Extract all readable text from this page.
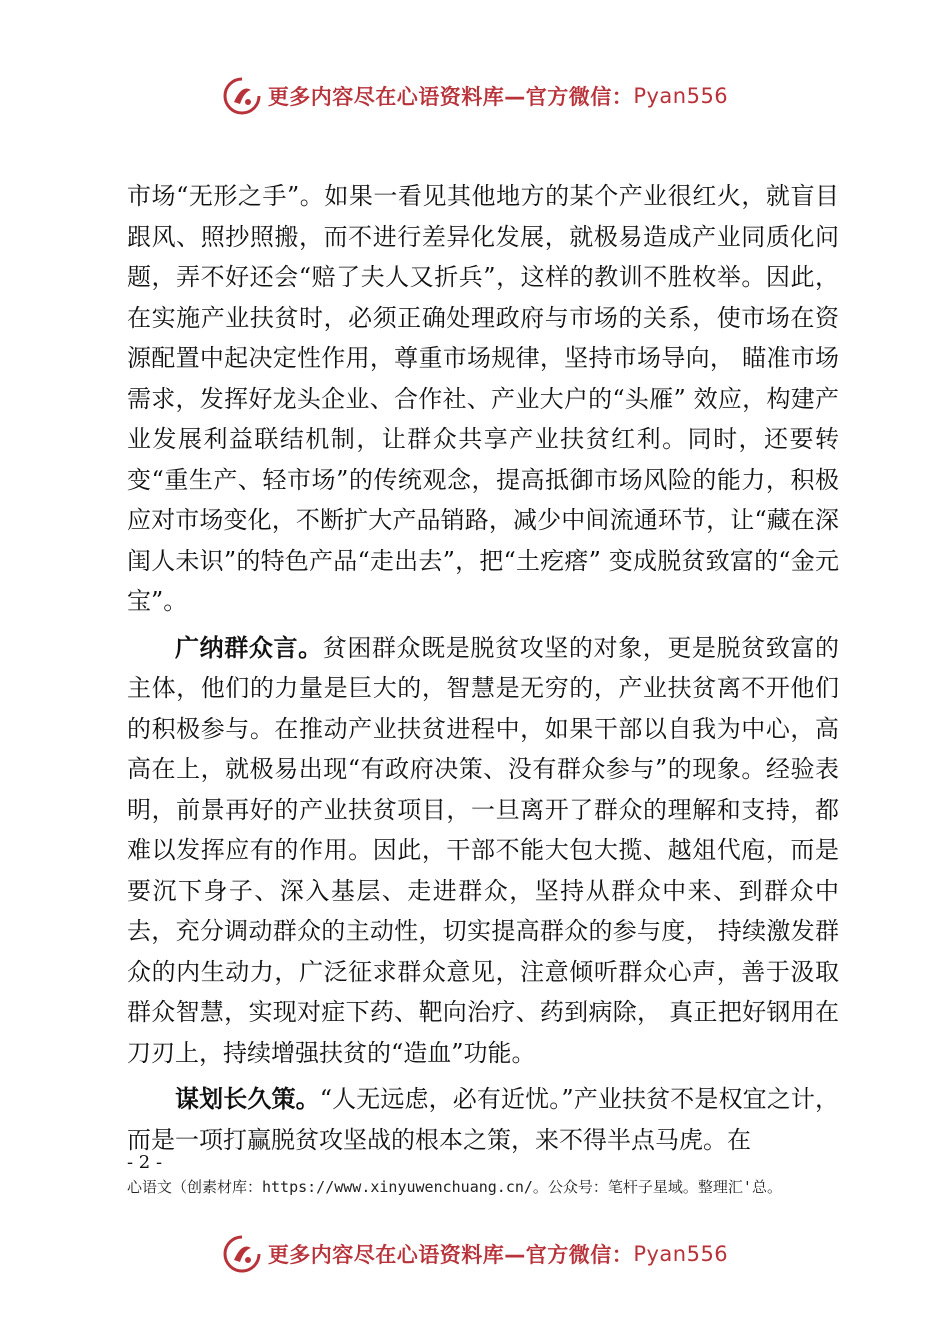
更多内容尽在心语资料库—官方微信： Pyan556

市场“无形之手”。如果一看见其他地方的某个产业很红火，就盲目跟风、照抄照搬，而不进行差异化发展，就极易造成产业同质化问题，弄不好还会“赔了夫人又折兵”，这样的教训不胜枚举。因此，在实施产业扶贫时，必须正确处理政府与市场的关系，使市场在资源配置中起决定性作用，尊重市场规律，坚持市场导向， 瞄准市场需求，发挥好龙头企业、合作社、产业大户的“头雁” 效应，构建产业发展利益联结机制，让群众共享产业扶贫红利。同时，还要转变“重生产、轻市场”的传统观念，提高抵御市场风险的能力，积极应对市场变化，不断扩大产品销路，减少中间流通环节，让“藏在深闺人未识”的特色产品“走出去”，把“土疙瘩” 变成脱贫致富的“金元宝”。

广纳群众言。贫困群众既是脱贫攻坚的对象，更是脱贫致富的主体，他们的力量是巨大的，智慧是无穷的，产业扶贫离不开他们的积极参与。在推动产业扶贫进程中，如果干部以自我为中心，高高在上，就极易出现“有政府决策、没有群众参与”的现象。经验表明，前景再好的产业扶贫项目，一旦离开了群众的理解和支持，都难以发挥应有的作用。因此，干部不能大包大揽、越俎代庖，而是要沉下身子、深入基层、走进群众，坚持从群众中来、到群众中去，充分调动群众的主动性，切实提高群众的参与度， 持续激发群众的内生动力，广泛征求群众意见，注意倾听群众心声，善于汲取群众智慧，实现对症下药、靶向治疗、药到病除， 真正把好钢用在刀刃上，持续增强扶贫的“造血”功能。

谋划长久策。“人无远虑，必有近忧。”产业扶贫不是权宜之计，而是一项打赢脱贫攻坚战的根本之策，来不得半点马虎。在

- 2 -
心语文（创素材库：https://www.xinyuwenchuang.cn/。公众号：笔杆子星域。整理汇'总。
更多内容尽在心语资料库—官方微信： Pyan556
